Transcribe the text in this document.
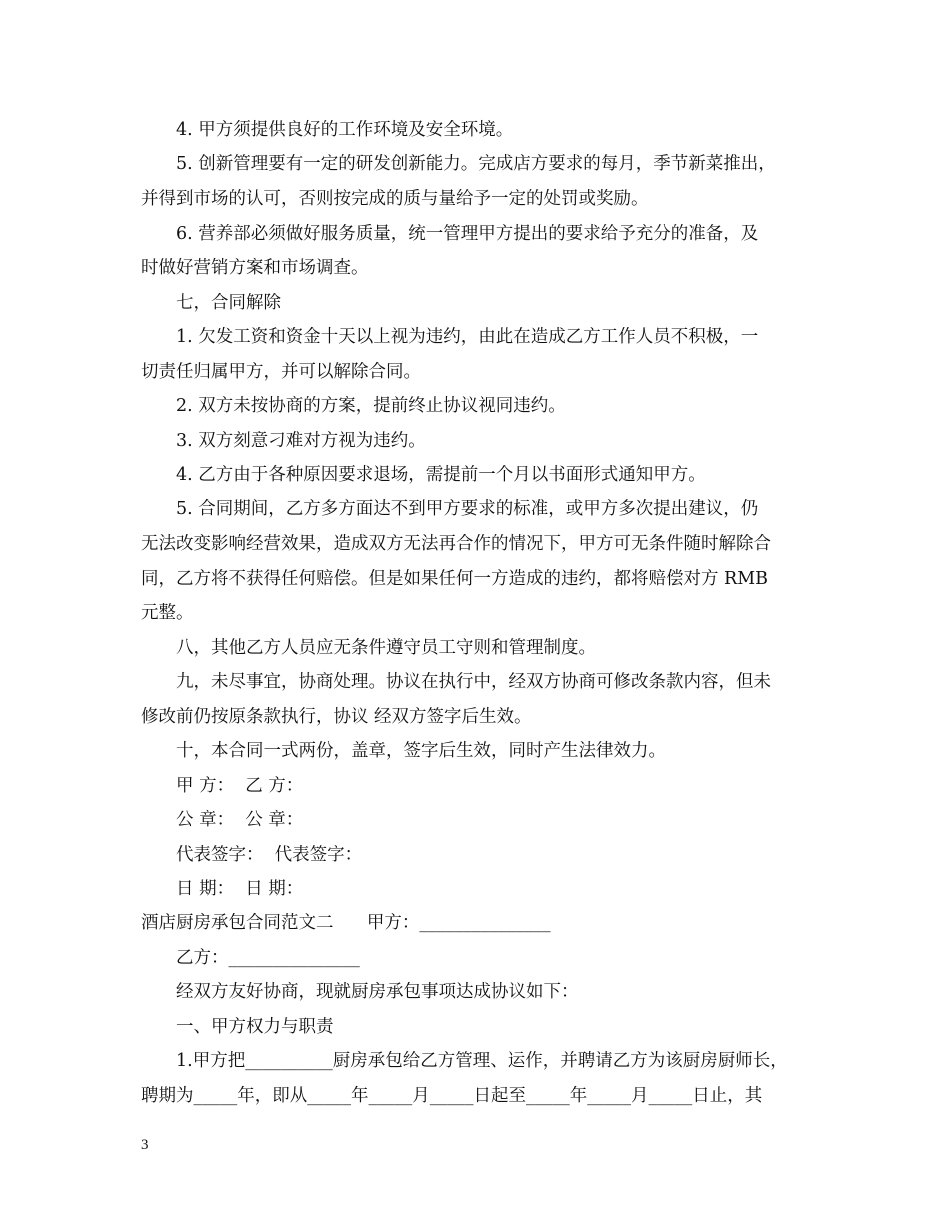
4. 甲方须提供良好的工作环境及安全环境。
5. 创新管理要有一定的研发创新能力。完成店方要求的每月，季节新菜推出，
并得到市场的认可，否则按完成的质与量给予一定的处罚或奖励。
6. 营养部必须做好服务质量，统一管理甲方提出的要求给予充分的准备，及
时做好营销方案和市场调查。
七，合同解除
1. 欠发工资和资金十天以上视为违约，由此在造成乙方工作人员不积极，一
切责任归属甲方，并可以解除合同。
2. 双方未按协商的方案，提前终止协议视同违约。
3. 双方刻意刁难对方视为违约。
4. 乙方由于各种原因要求退场，需提前一个月以书面形式通知甲方。
5. 合同期间，乙方多方面达不到甲方要求的标准，或甲方多次提出建议，仍
无法改变影响经营效果，造成双方无法再合作的情况下，甲方可无条件随时解除合
同，乙方将不获得任何赔偿。但是如果任何一方造成的违约，都将赔偿对方 RMB
元整。
八，其他乙方人员应无条件遵守员工守则和管理制度。
九，未尽事宜，协商处理。协议在执行中，经双方协商可修改条款内容，但未
修改前仍按原条款执行，协议 经双方签字后生效。
十，本合同一式两份，盖章，签字后生效，同时产生法律效力。
甲 方：  乙 方：
公 章：  公 章：
代表签字：  代表签字：
日 期：  日 期：
酒店厨房承包合同范文二      甲方：_______________
乙方：_______________
经双方友好协商，现就厨房承包事项达成协议如下：
一、甲方权力与职责
1.甲方把__________厨房承包给乙方管理、运作，并聘请乙方为该厨房厨师长，
聘期为_____年，即从_____年_____月_____日起至_____年_____月_____日止，其
3
